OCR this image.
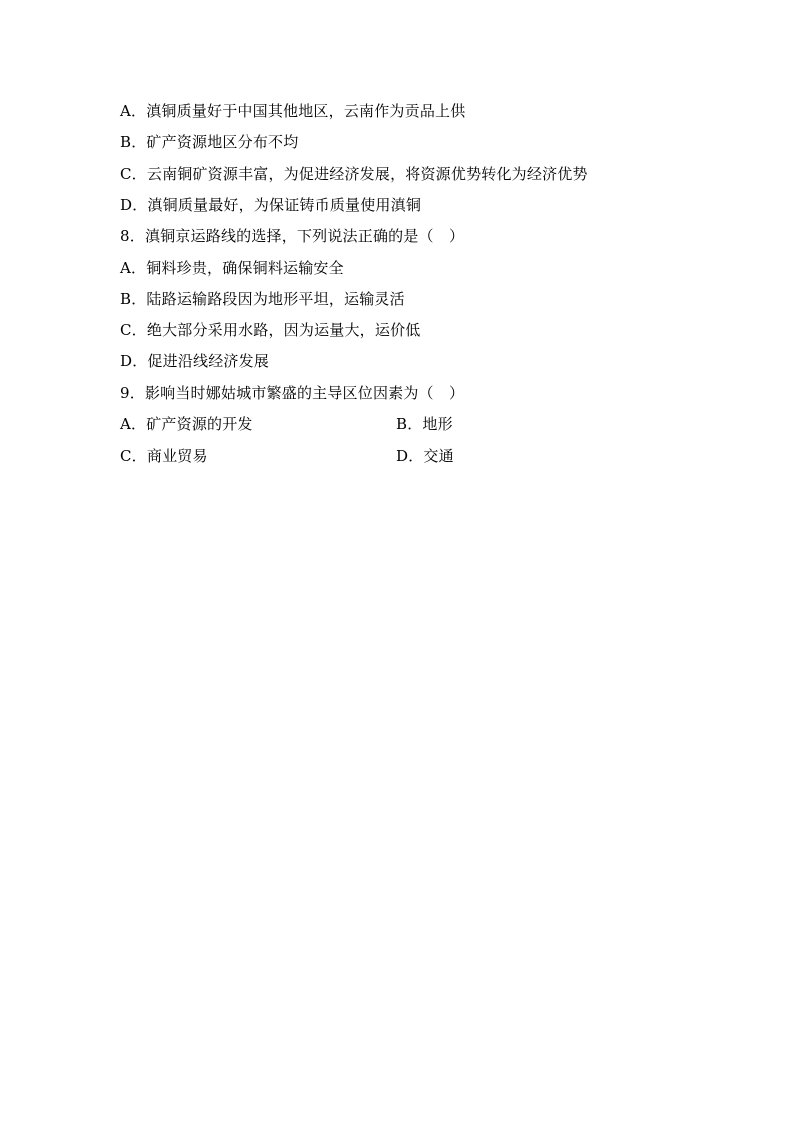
A．滇铜质量好于中国其他地区，云南作为贡品上供
B．矿产资源地区分布不均
C．云南铜矿资源丰富，为促进经济发展，将资源优势转化为经济优势
D．滇铜质量最好，为保证铸币质量使用滇铜
8．滇铜京运路线的选择，下列说法正确的是（　）
A．铜料珍贵，确保铜料运输安全
B．陆路运输路段因为地形平坦，运输灵活
C．绝大部分采用水路，因为运量大，运价低
D．促进沿线经济发展
9．影响当时娜姑城市繁盛的主导区位因素为（　）
A．矿产资源的开发	B．地形
C．商业贸易	D．交通
